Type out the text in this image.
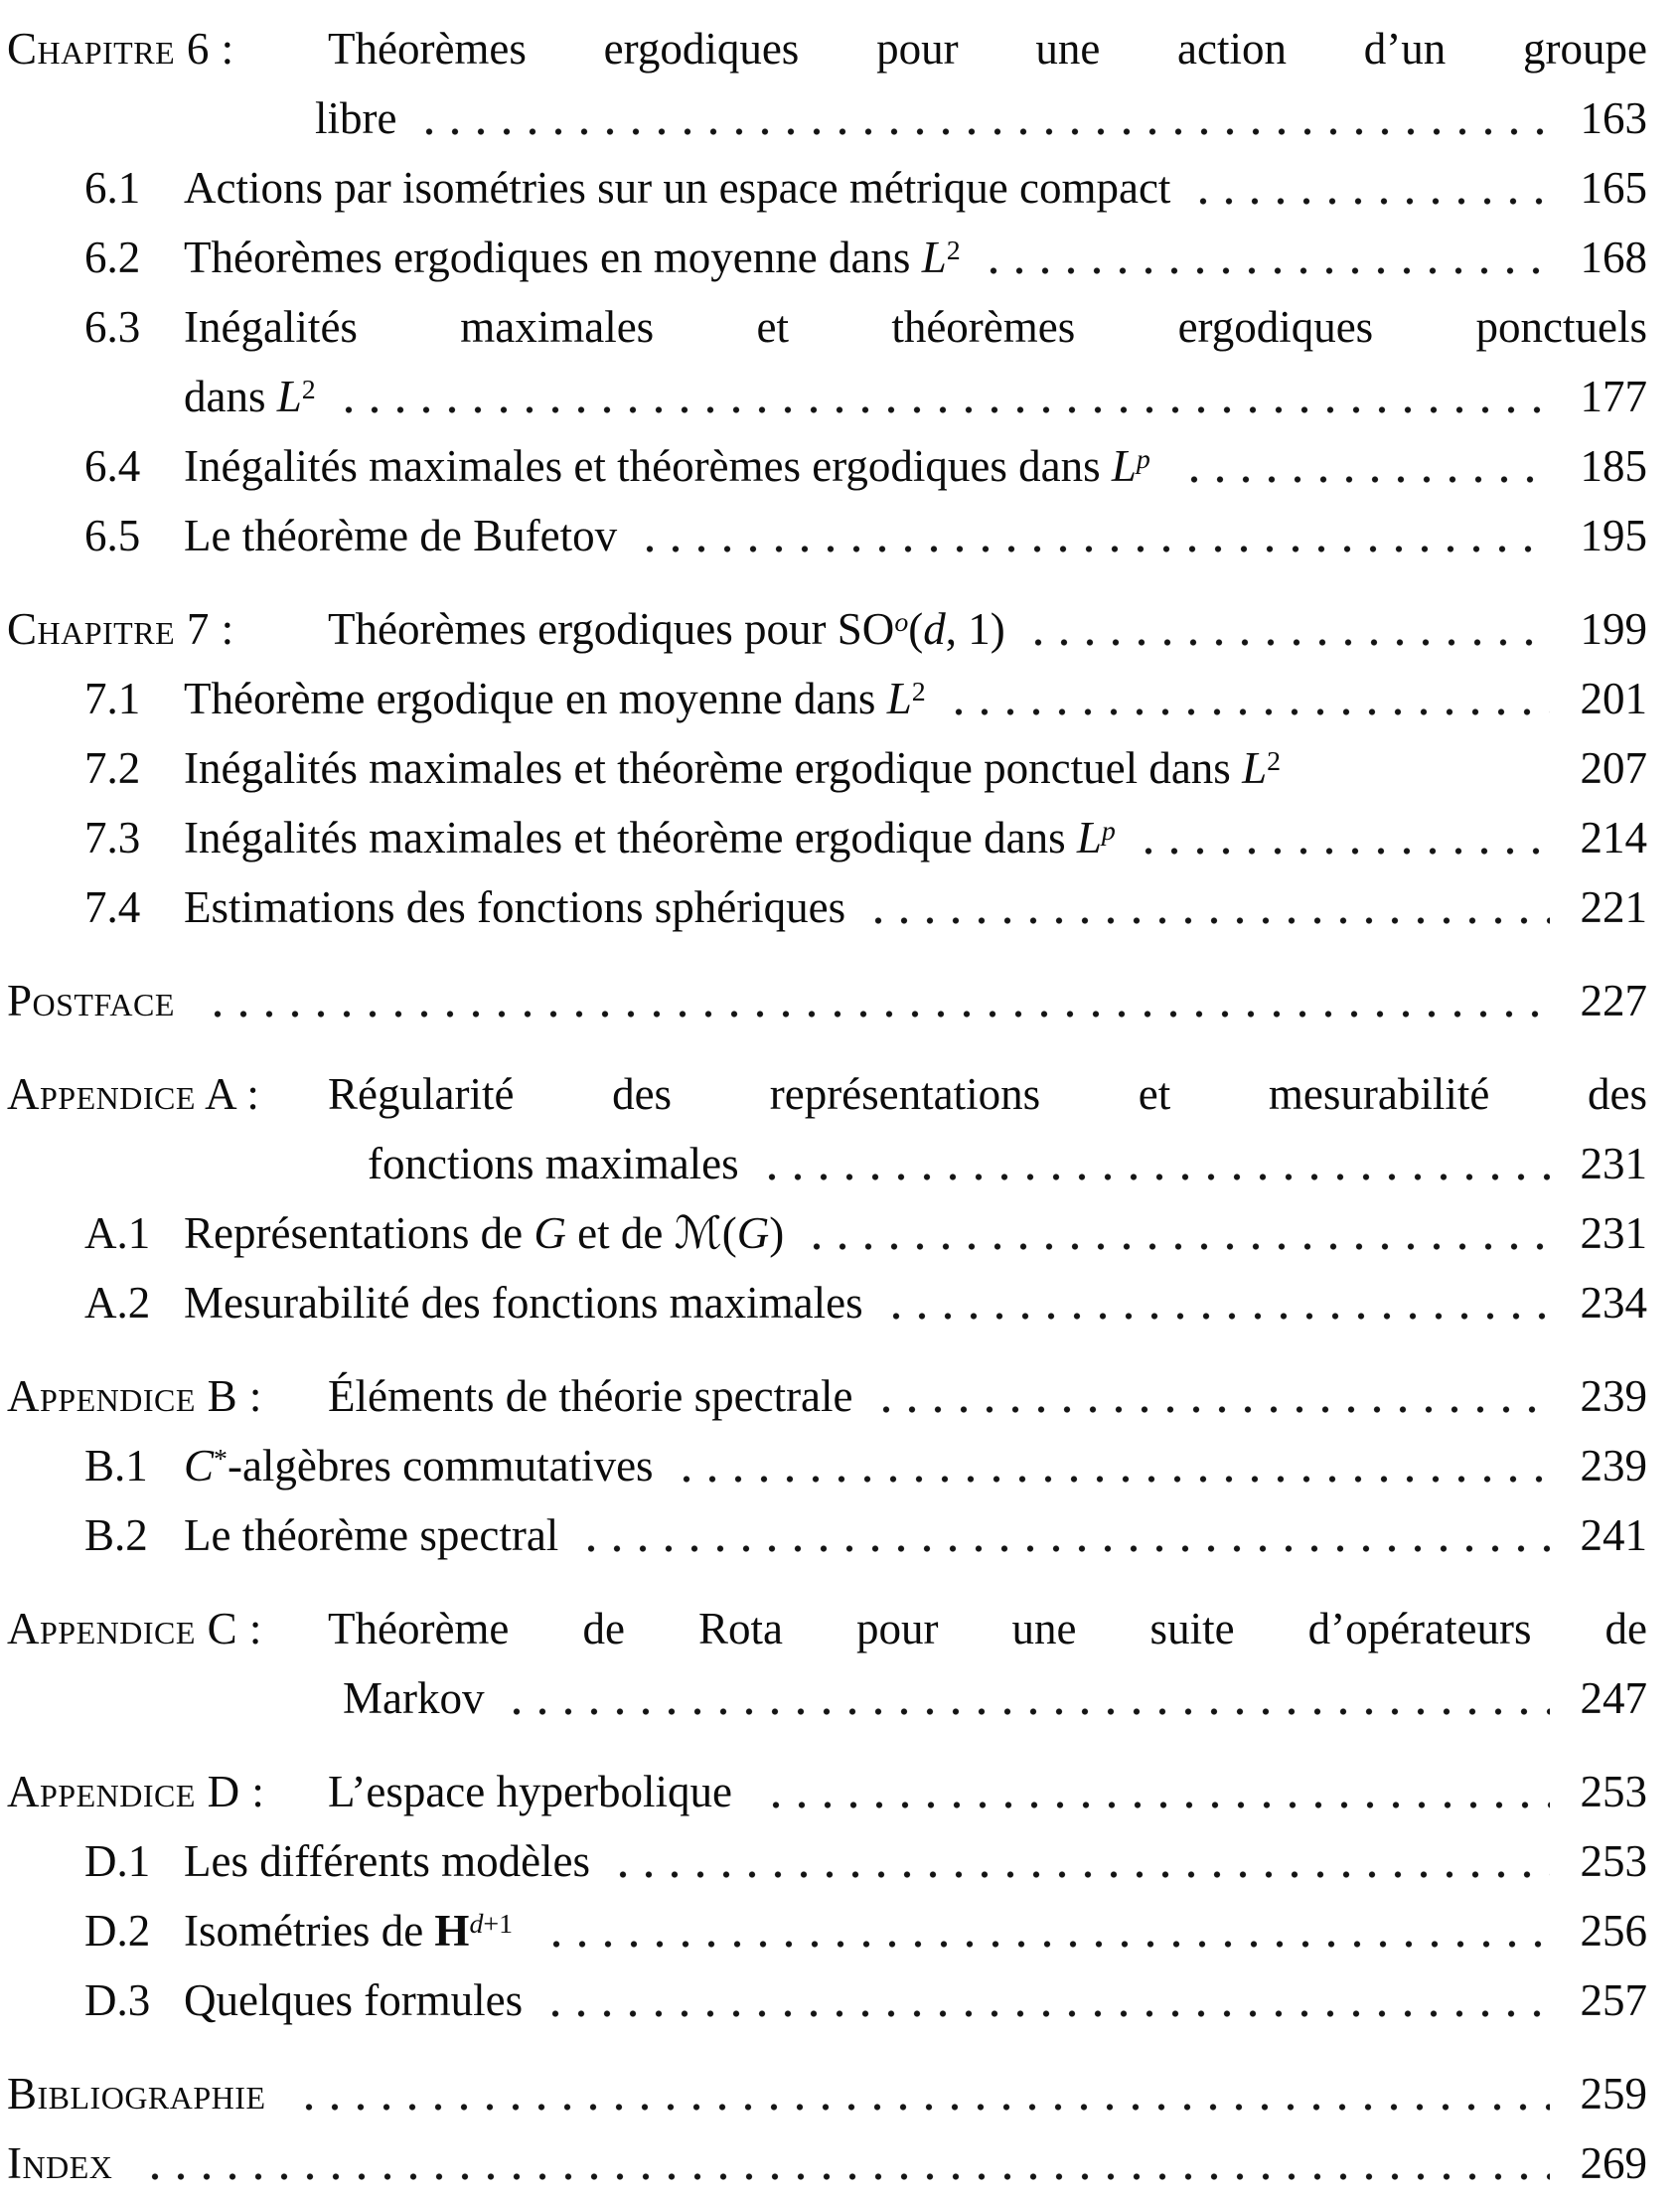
Chapitre 6 :	Théorèmes ergodiques pour une action d’un groupe
libre	163
6.1 Actions par isométries sur un espace métrique compact	165
6.2 Théorèmes ergodiques en moyenne dans $L^2$	168
6.3 Inégalités maximales et théorèmes ergodiques ponctuels
dans $L^2$	177
6.4 Inégalités maximales et théorèmes ergodiques dans $L^p$	185
6.5 Le théorème de Bufetov	195
Chapitre 7 :	Théorèmes ergodiques pour $SO^o(d$, 1)	199
7.1 Théorème ergodique en moyenne dans $L^2$	201
7.2 Inégalités maximales et théorème ergodique ponctuel dans $L^2$	207
7.3 Inégalités maximales et théorème ergodique dans $L^p$	214
7.4 Estimations des fonctions sphériques	221
Postface	227
Appendice A :	Régularité des représentations et mesurabilité des
fonctions maximales	231
A.1 Représentations de G et de ℳ(G)	231
A.2 Mesurabilité des fonctions maximales	234
Appendice B :	Éléments de théorie spectrale	239
B.1 C*-algèbres commutatives	239
B.2 Le théorème spectral	241
Appendice C :	Théorème de Rota pour une suite d’opérateurs de
Markov	247
Appendice D :	L’espace hyperbolique	253
D.1 Les différents modèles	253
D.2 Isométries de $H^{d+1}$	256
D.3 Quelques formules	257
Bibliographie	259
Index	269
